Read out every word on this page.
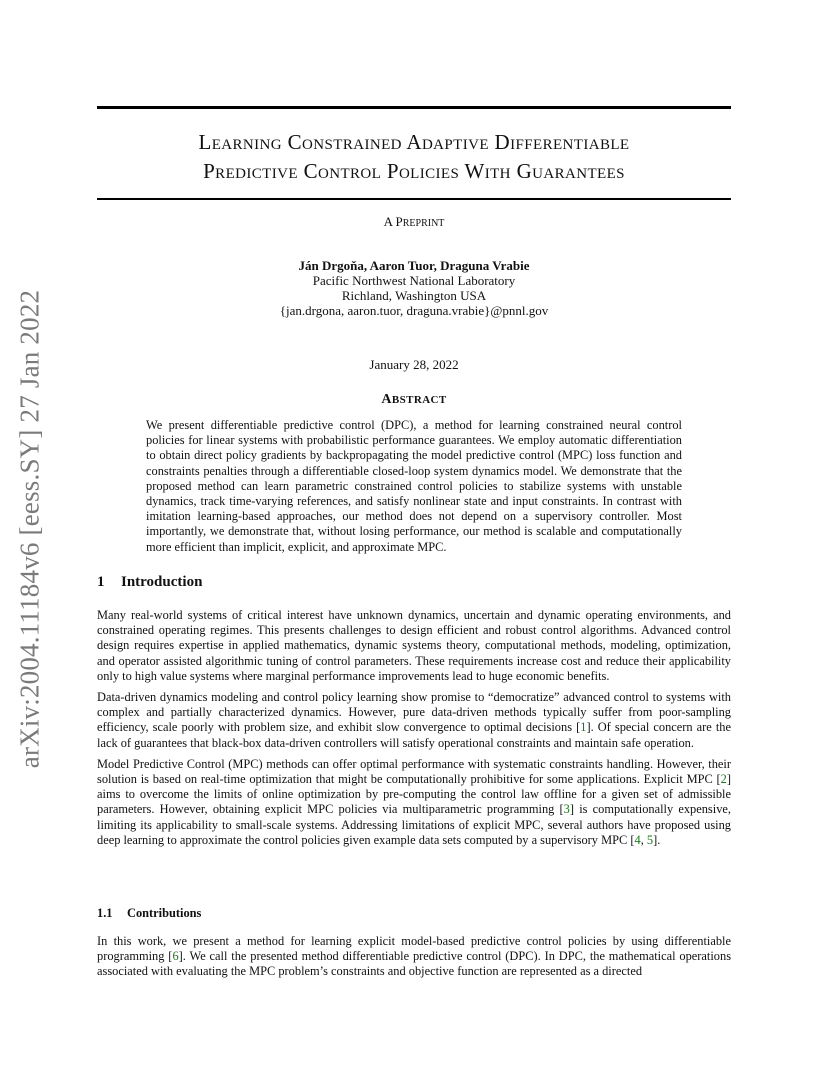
arXiv:2004.11184v6 [eess.SY] 27 Jan 2022
Learning Constrained Adaptive Differentiable
Predictive Control Policies With Guarantees
A PREPRINT
Ján Drgoňa, Aaron Tuor, Draguna Vrabie
Pacific Northwest National Laboratory
Richland, Washington USA
{jan.drgona, aaron.tuor, draguna.vrabie}@pnnl.gov
January 28, 2022
ABSTRACT

We present differentiable predictive control (DPC), a method for learning constrained neural control policies for linear systems with probabilistic performance guarantees. We employ automatic differentiation to obtain direct policy gradients by backpropagating the model predictive control (MPC) loss function and constraints penalties through a differentiable closed-loop system dynamics model. We demonstrate that the proposed method can learn parametric constrained control policies to stabilize systems with unstable dynamics, track time-varying references, and satisfy nonlinear state and input constraints. In contrast with imitation learning-based approaches, our method does not depend on a supervisory controller. Most importantly, we demonstrate that, without losing performance, our method is scalable and computationally more efficient than implicit, explicit, and approximate MPC.

1 Introduction

Many real-world systems of critical interest have unknown dynamics, uncertain and dynamic operating environments, and constrained operating regimes. This presents challenges to design efficient and robust control algorithms. Advanced control design requires expertise in applied mathematics, dynamic systems theory, computational methods, modeling, optimization, and operator assisted algorithmic tuning of control parameters. These requirements increase cost and reduce their applicability only to high value systems where marginal performance improvements lead to huge economic benefits.

Data-driven dynamics modeling and control policy learning show promise to “democratize” advanced control to systems with complex and partially characterized dynamics. However, pure data-driven methods typically suffer from poor-sampling efficiency, scale poorly with problem size, and exhibit slow convergence to optimal decisions [1]. Of special concern are the lack of guarantees that black-box data-driven controllers will satisfy operational constraints and maintain safe operation.

Model Predictive Control (MPC) methods can offer optimal performance with systematic constraints handling. However, their solution is based on real-time optimization that might be computationally prohibitive for some applications. Explicit MPC [2] aims to overcome the limits of online optimization by pre-computing the control law offline for a given set of admissible parameters. However, obtaining explicit MPC policies via multiparametric programming [3] is computationally expensive, limiting its applicability to small-scale systems. Addressing limitations of explicit MPC, several authors have proposed using deep learning to approximate the control policies given example data sets computed by a supervisory MPC [4, 5].

1.1 Contributions

In this work, we present a method for learning explicit model-based predictive control policies by using differentiable programming [6]. We call the presented method differentiable predictive control (DPC). In DPC, the mathematical operations associated with evaluating the MPC problem’s constraints and objective function are represented as a directed
